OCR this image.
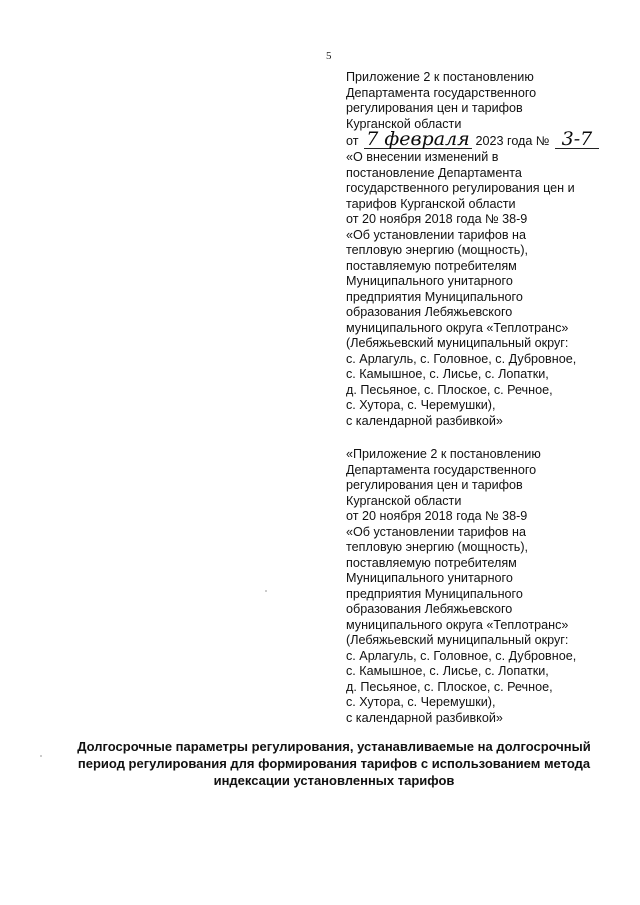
5
Приложение 2 к постановлению
Департамента государственного
регулирования цен и тарифов
Курганской области
от 7 февраля 2023 года № 3-7
«О внесении изменений в
постановление Департамента
государственного регулирования цен и
тарифов Курганской области
от 20 ноября 2018 года № 38-9
«Об установлении тарифов на
тепловую энергию (мощность),
поставляемую потребителям
Муниципального унитарного
предприятия Муниципального
образования Лебяжьевского
муниципального округа «Теплотранс»
(Лебяжьевский муниципальный округ:
с. Арлагуль, с. Головное, с. Дубровное,
с. Камышное, с. Лисье, с. Лопатки,
д. Песьяное, с. Плоское, с. Речное,
с. Хутора, с. Черемушки),
с календарной разбивкой»
«Приложение 2 к постановлению
Департамента государственного
регулирования цен и тарифов
Курганской области
от 20 ноября 2018 года № 38-9
«Об установлении тарифов на
тепловую энергию (мощность),
поставляемую потребителям
Муниципального унитарного
предприятия Муниципального
образования Лебяжьевского
муниципального округа «Теплотранс»
(Лебяжьевский муниципальный округ:
с. Арлагуль, с. Головное, с. Дубровное,
с. Камышное, с. Лисье, с. Лопатки,
д. Песьяное, с. Плоское, с. Речное,
с. Хутора, с. Черемушки),
с календарной разбивкой»
Долгосрочные параметры регулирования, устанавливаемые на долгосрочный
период регулирования для формирования тарифов с использованием метода
индексации установленных тарифов
